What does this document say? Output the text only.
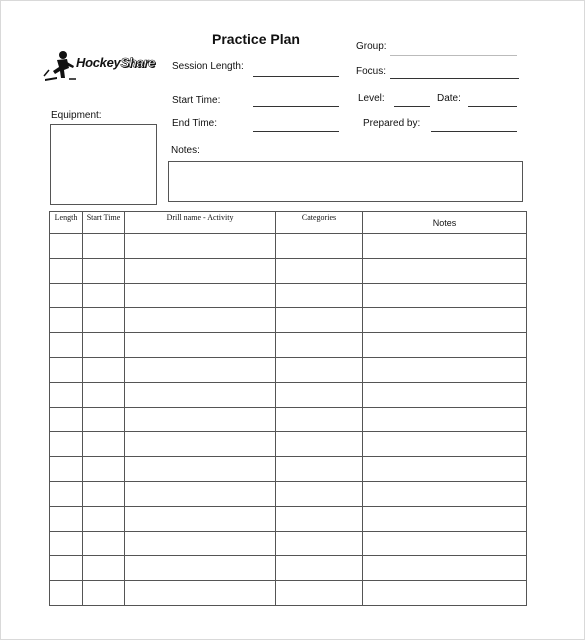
HockeyShare
Practice Plan	Group:
Session Length:	Focus:
Start Time:	Level:	Date:
End Time:	Prepared by:
Equipment:
Notes:
Length	Start Time	Drill name - Activity	Categories	Notes
